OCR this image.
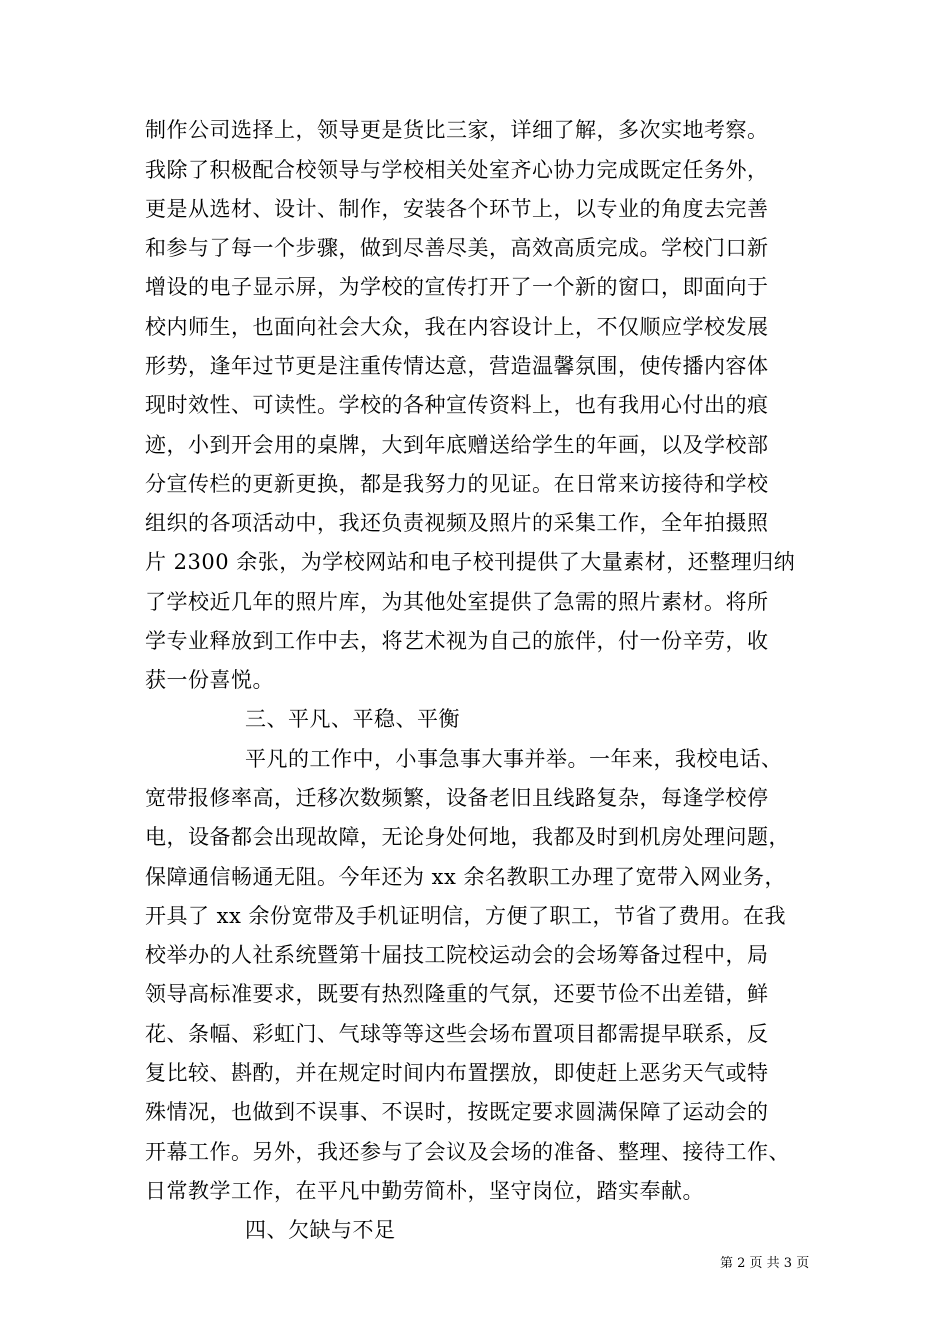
制作公司选择上，领导更是货比三家，详细了解，多次实地考察。
我除了积极配合校领导与学校相关处室齐心协力完成既定任务外，
更是从选材、设计、制作，安装各个环节上，以专业的角度去完善
和参与了每一个步骤，做到尽善尽美，高效高质完成。学校门口新
增设的电子显示屏，为学校的宣传打开了一个新的窗口，即面向于
校内师生，也面向社会大众，我在内容设计上，不仅顺应学校发展
形势，逢年过节更是注重传情达意，营造温馨氛围，使传播内容体
现时效性、可读性。学校的各种宣传资料上，也有我用心付出的痕
迹，小到开会用的桌牌，大到年底赠送给学生的年画，以及学校部
分宣传栏的更新更换，都是我努力的见证。在日常来访接待和学校
组织的各项活动中，我还负责视频及照片的采集工作，全年拍摄照
片 2300 余张，为学校网站和电子校刊提供了大量素材，还整理归纳
了学校近几年的照片库，为其他处室提供了急需的照片素材。将所
学专业释放到工作中去，将艺术视为自己的旅伴，付一份辛劳，收
获一份喜悦。
三、平凡、平稳、平衡
平凡的工作中，小事急事大事并举。一年来，我校电话、
宽带报修率高，迁移次数频繁，设备老旧且线路复杂，每逢学校停
电，设备都会出现故障，无论身处何地，我都及时到机房处理问题，
保障通信畅通无阻。今年还为 xx 余名教职工办理了宽带入网业务，
开具了 xx 余份宽带及手机证明信，方便了职工，节省了费用。在我
校举办的人社系统暨第十届技工院校运动会的会场筹备过程中，局
领导高标准要求，既要有热烈隆重的气氛，还要节俭不出差错，鲜
花、条幅、彩虹门、气球等等这些会场布置项目都需提早联系，反
复比较、斟酌，并在规定时间内布置摆放，即使赶上恶劣天气或特
殊情况，也做到不误事、不误时，按既定要求圆满保障了运动会的
开幕工作。另外，我还参与了会议及会场的准备、整理、接待工作、
日常教学工作，在平凡中勤劳简朴，坚守岗位，踏实奉献。
四、欠缺与不足
第 2 页 共 3 页
